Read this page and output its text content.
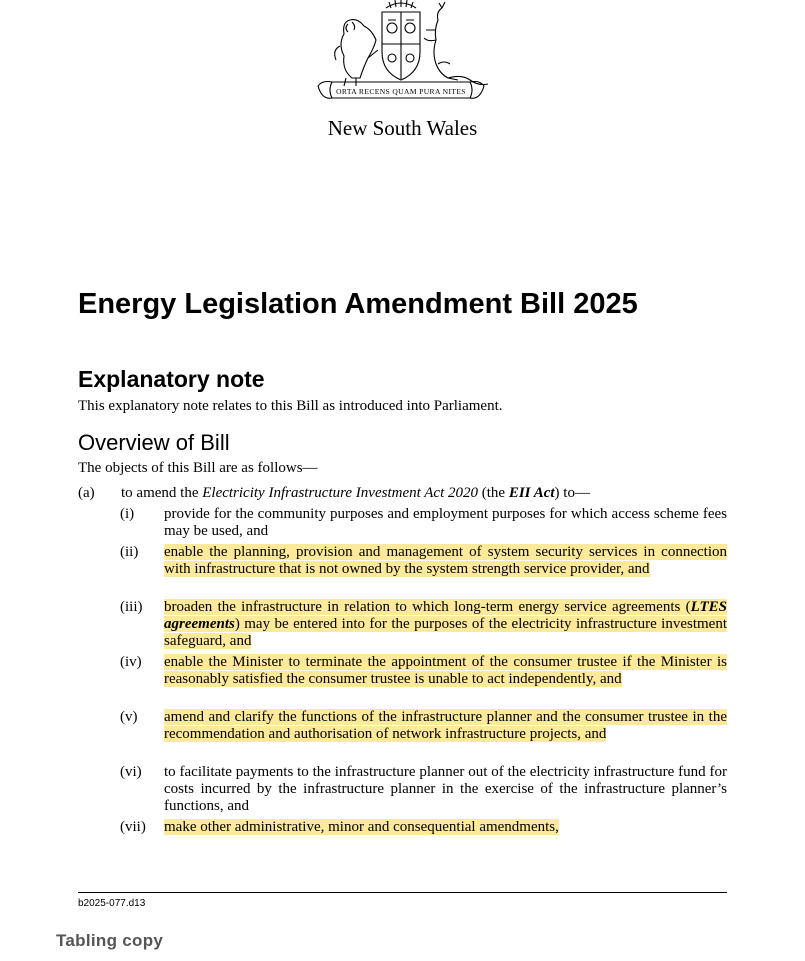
ORTA RECENS QUAM PURA NITES
New South Wales
Energy Legislation Amendment Bill 2025
Explanatory note
This explanatory note relates to this Bill as introduced into Parliament.
Overview of Bill
The objects of this Bill are as follows—
(a) to amend the Electricity Infrastructure Investment Act 2020 (the EII Act) to—
(i) provide for the community purposes and employment purposes for which access scheme fees may be used, and
(ii) enable the planning, provision and management of system security services in connection with infrastructure that is not owned by the system strength service provider, and
(iii) broaden the infrastructure in relation to which long-term energy service agreements (LTES agreements) may be entered into for the purposes of the electricity infrastructure investment safeguard, and
(iv) enable the Minister to terminate the appointment of the consumer trustee if the Minister is reasonably satisfied the consumer trustee is unable to act independently, and
(v) amend and clarify the functions of the infrastructure planner and the consumer trustee in the recommendation and authorisation of network infrastructure projects, and
(vi) to facilitate payments to the infrastructure planner out of the electricity infrastructure fund for costs incurred by the infrastructure planner in the exercise of the infrastructure planner’s functions, and
(vii) make other administrative, minor and consequential amendments,
b2025-077.d13
Tabling copy
